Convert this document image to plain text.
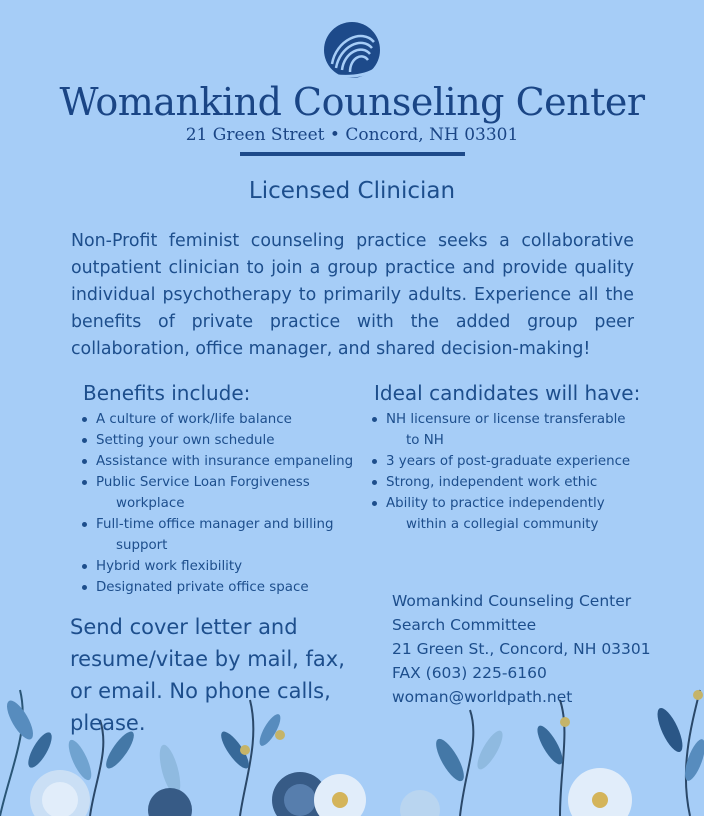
Womankind Counseling Center
21 Green Street • Concord, NH 03301
Licensed Clinician
Non-Profit feminist counseling practice seeks a collaborative outpatient clinician to join a group practice and provide quality individual psychotherapy to primarily adults. Experience all the benefits of private practice with the added group peer collaboration, office manager, and shared decision-making!
Benefits include:
A culture of work/life balance
Setting your own schedule
Assistance with insurance empaneling
Public Service Loan Forgiveness
workplace
Full-time office manager and billing
support
Hybrid work flexibility
Designated private office space
Ideal candidates will have:
NH licensure or license transferable
to NH
3 years of post-graduate experience
Strong, independent work ethic
Ability to practice independently
within a collegial community
Womankind Counseling Center
Search Committee
21 Green St., Concord, NH 03301
FAX (603) 225-6160
woman@worldpath.net
Send cover letter and resume/vitae by mail, fax, or email. No phone calls, please.
